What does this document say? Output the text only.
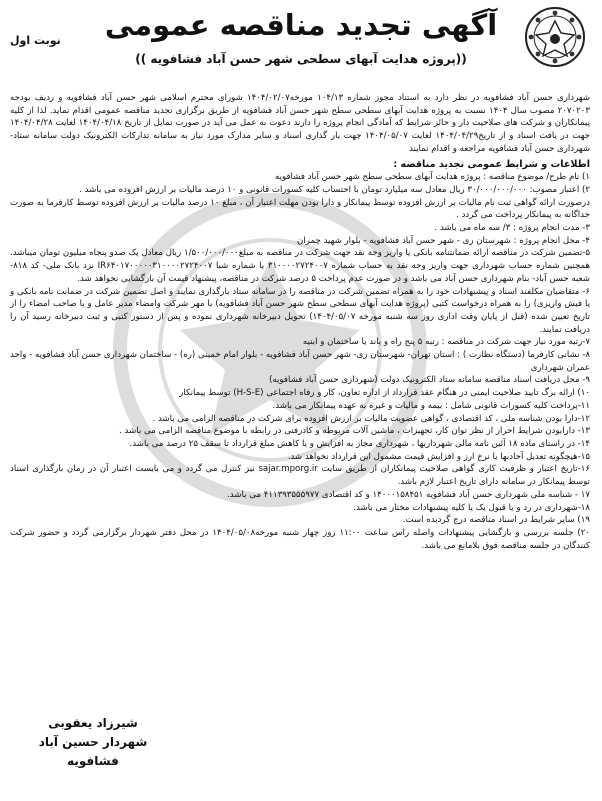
نوبت اول	آگهی تجدید مناقصه عمومی
((پروژه هدایت آبهای سطحی شهر حسن آباد فشافویه ))

شهرداری حسن آباد فشافویه در نظر دارد به استناد مجوز شماره ۱۰۴/۱۳ مورخه۱۴۰۴/۰۲/۰۷ شورای محترم اسلامی شهر حسن آباد فشافویه و ردیف بودجه ۲۰۷۰۲۰۳ مصوب سال ۱۴۰۴ نسبت به پروژه هدایت آبهای سطحی سطح شهر حسن آباد فشافویه از طریق برگزاری تجدید مناقصه عمومی اقدام نماید. لذا از کلیه پیمانکاران و شرکت های صلاحیت دار و حائز شرایط که آمادگی انجام پروژه را دارند دعوت به عمل می آید در صورت تمایل از تاریخ ۱۴۰۴/۰۴/۱۸ لغایت ۱۴۰۴/۰۴/۲۸ جهت در یافت اسناد و از تاریخ۱۴۰۴/۰۴/۲۹ لغایت ۱۴۰۴/۰۵/۰۷ جهت بار گذاری اسناد و سایر مدارک مورد نیاز به سامانه تدارکات الکترونیک دولت سامانه ستاد- شهرداری حسن آباد فشافویه مراجعه و اقدام نمایند

اطلاعات و شرایط عمومی تجدید مناقصه :

۱) نام طرح/ موضوع مناقصه : پروژه هدایت آبهای سطحی سطح شهر حسن آباد فشافویه

۲) اعتبار مصوب: ۳۰/۰۰۰/۰۰۰/۰۰۰ ریال معادل سه میلیارد تومان با احتساب کلیه کسورات قانونی و ۱۰ درصد مالیات بر ارزش افزوده می باشد .

درصورت ارائه گواهی ثبت نام مالیات بر ارزش افزوده توسط پیمانکار و دارا بودن مهلت اعتبار آن ، مبلغ ۱۰ درصد مالیات بر ارزش افزوده توسط کارفرما به صورت جداگانه به پیمانکار پرداخت می گردد .

۳- مدت انجام پروژه : ۳/ سه ماه می باشد .

۴- محل انجام پروژه : شهرستان ری - شهر حسن آباد فشافویه - بلوار شهید چمران

۵-تضمین شرکت در مناقصه ارائه ضمانتنامه بانکی یا واریز وجه نقد جهت شرکت در مناقصه به مبلغ۱/۵۰۰/۰۰۰/۰۰۰ ریال معادل یک صدو پنجاه میلیون تومان میباشد. همچنین شماره حساب شهرداری جهت واریز وجه نقد به حساب شماره ۳۱۰۰۰۰۲۷۲۴۰۰۷ یا شماره شبا IR۶۴۰۱۷۰۰۰۰۰۳۱۰۰۰۰۲۷۲۴۰۰۷ نزد بانک ملی- کد ۸۱۸- شعبه حسن آباد- بنام شهرداری حسن آباد می باشد و در صورت عدم پرداخت ۵ درصد شرکت در مناقصه، پیشنهاد قیمت آن بازگشایی نخواهد شد.

۶- متقاضیان مکلفند اسناد و پیشنهادات خود را به همراه تضمین شرکت در مناقصه را در سامانه ستاد بارگذاری نمایند و اصل تضمین شرکت در ضمانت نامه بانکی و یا فیش واریزی) را به همراه درخواست کتبی (پروژه هدایت آبهای سطحی سطح شهر حسن آباد فشافویه) با مهر شرکت وامضاء مدیر عامل و یا صاحب امضاء را از تاریخ تعیین شده (قبل از پایان وقت اداری روز سه شنبه مورخه ۱۴۰۴/۰۵/۰۷) تحویل دبیرخانه شهرداری نموده و پس از دستور کتبی و ثبت دبیرخانه رسید آن را دریافت نمایند.

۷-رتبه مورد نیاز جهت شرکت در مناقصه : رتبه ۵ پنج راه و باند یا ساختمان و ابنیه

۸- نشانی کارفرما (دستگاه نظارت ) : استان تهران- شهرستان ری- شهر حسن آباد فشافویه - بلوار امام خمینی (ره) - ساختمان شهرداری حسن آباد فشافویه - واحد عمران شهرداری

۹- محل دریافت اسناد مناقصه سامانه ستاد الکترونیک دولت (شهرداری حسن آباد فشافویه)

۱۰) ارائه برگ تایید صلاحیت ایمنی در هنگام عقد قرارداد از اداره تعاون، کار و رفاه اجتماعی (H-S-E) توسط پیمانکار

۱۱-پرداخت کلیه کسورات قانونی شامل : بیمه و مالیات و غیره به عهده پیمانکار می باشد.

۱۲-دارا بودن شناسه ملی ، کد اقتصادی ، گواهی عضویت مالیات بر ارزش افزوده برای شرکت در مناقصه الزامی می باشد .

۱۳- دارابودن شرایط احراز از نظر توان کار، تجهیزات ، ماشین آلات مربوطه و کادرفنی در رابطه با موضوع مناقصه الزامی می باشد .

۱۴- در راستای ماده ۱۸ آئین نامه مالی شهرداریها ، شهرداری مجاز به افزایش و یا کاهش مبلغ قرارداد تا سقف ۲۵ درصد می باشد.

۱۵-هیچگونه تعدیل آحادبها یا نرخ ارز و افزایش قیمت مشمول این قرارداد نخواهد شد.

۱۶-تاریخ اعتبار و ظرفیت کاری گواهی صلاحیت پیمانکاران از طریق سایت sajar.mporg.ir نیز کنترل می گردد و می بایست اعتبار آن در زمان بارگذاری اسناد توسط پیمانکار در سامانه دارای تاریخ اعتبار لازم باشد.

۱۷ - شناسه ملی شهرداری حسن آباد فشافویه ۱۴۰۰۰۱۵۸۴۵۱ و کد اقتصادی ۴۱۱۳۹۳۵۵۵۹۷۷ می باشد.

۱۸-شهرداری در رد و یا قبول یک یا کلیه پیشنهادات مختار می باشد.

۱۹) سایر شرایط در اسناد مناقصه درج گردیده است.

۲۰) جلسه بررسی و بازگشایی پیشنهادات واصله راس ساعت ۱۱:۰۰ روز چهار شنبه مورخه۱۴۰۴/۰۵/۰۸ در محل دفتر شهردار برگزارمی گردد و حضور شرکت کنندگان در جلسه مناقصه فوق بلامانع می باشد.

شیرزاد یعقوبی
شهردار حسین آباد فشافویه
